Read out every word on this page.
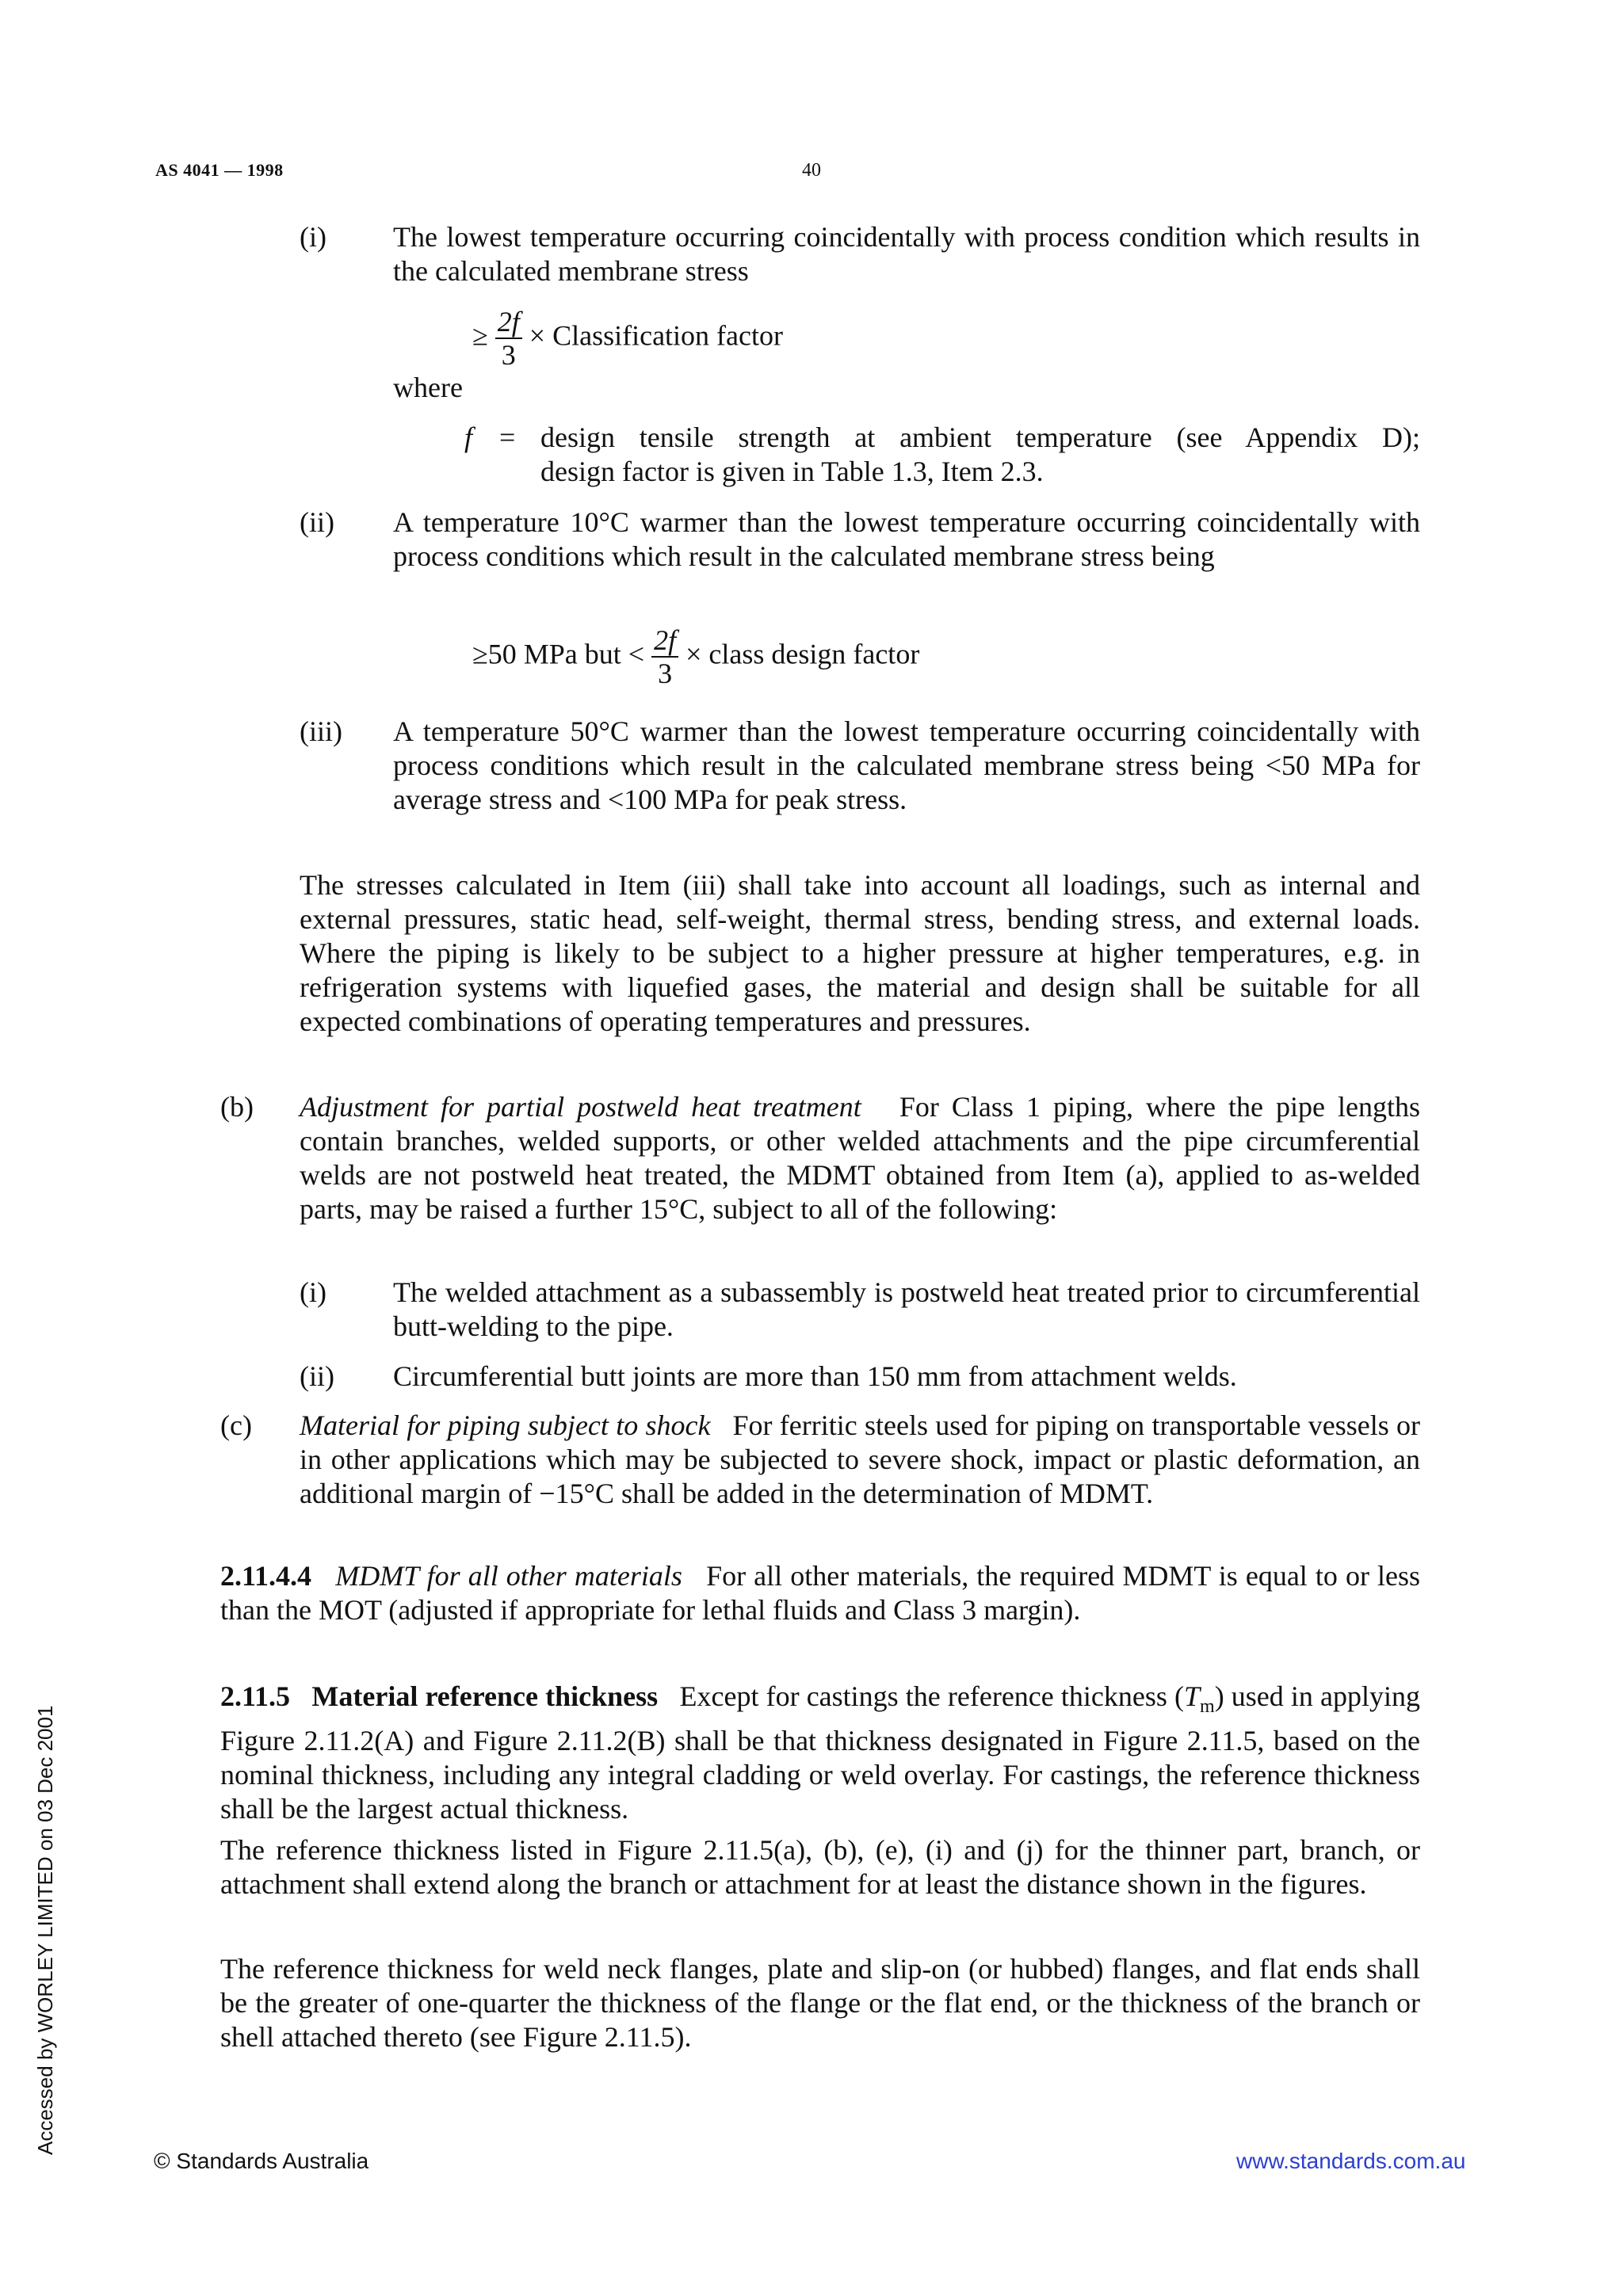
AS 4041 — 1998	40
(i) The lowest temperature occurring coincidentally with process condition which results in the calculated membrane stress
≥ $\frac{2f}{3}$ × Classification factor
where
f = design tensile strength at ambient temperature (see Appendix D);
design factor is given in Table 1.3, Item 2.3.
(ii) A temperature 10°C warmer than the lowest temperature occurring coincidentally with process conditions which result in the calculated membrane stress being
≥50 MPa but < $\frac{2f}{3}$ × class design factor
(iii) A temperature 50°C warmer than the lowest temperature occurring coincidentally with process conditions which result in the calculated membrane stress being <50 MPa for average stress and <100 MPa for peak stress.
The stresses calculated in Item (iii) shall take into account all loadings, such as internal and external pressures, static head, self-weight, thermal stress, bending stress, and external loads. Where the piping is likely to be subject to a higher pressure at higher temperatures, e.g. in refrigeration systems with liquefied gases, the material and design shall be suitable for all expected combinations of operating temperatures and pressures.
(b) Adjustment for partial postweld heat treatment For Class 1 piping, where the pipe lengths contain branches, welded supports, or other welded attachments and the pipe circumferential welds are not postweld heat treated, the MDMT obtained from Item (a), applied to as-welded parts, may be raised a further 15°C, subject to all of the following:
(i) The welded attachment as a subassembly is postweld heat treated prior to circumferential butt-welding to the pipe.
(ii) Circumferential butt joints are more than 150 mm from attachment welds.
(c) Material for piping subject to shock For ferritic steels used for piping on transportable vessels or in other applications which may be subjected to severe shock, impact or plastic deformation, an additional margin of −15°C shall be added in the determination of MDMT.
2.11.4.4 MDMT for all other materials For all other materials, the required MDMT is equal to or less than the MOT (adjusted if appropriate for lethal fluids and Class 3 margin).
2.11.5 Material reference thickness Except for castings the reference thickness $(T_m)$ used in applying Figure 2.11.2(A) and Figure 2.11.2(B) shall be that thickness designated in Figure 2.11.5, based on the nominal thickness, including any integral cladding or weld overlay. For castings, the reference thickness shall be the largest actual thickness.
The reference thickness listed in Figure 2.11.5(a), (b), (e), (i) and (j) for the thinner part, branch, or attachment shall extend along the branch or attachment for at least the distance shown in the figures.
The reference thickness for weld neck flanges, plate and slip-on (or hubbed) flanges, and flat ends shall be the greater of one-quarter the thickness of the flange or the flat end, or the thickness of the branch or shell attached thereto (see Figure 2.11.5).
Accessed by WORLEY LIMITED on 03 Dec 2001
© Standards Australia	www.standards.com.au
